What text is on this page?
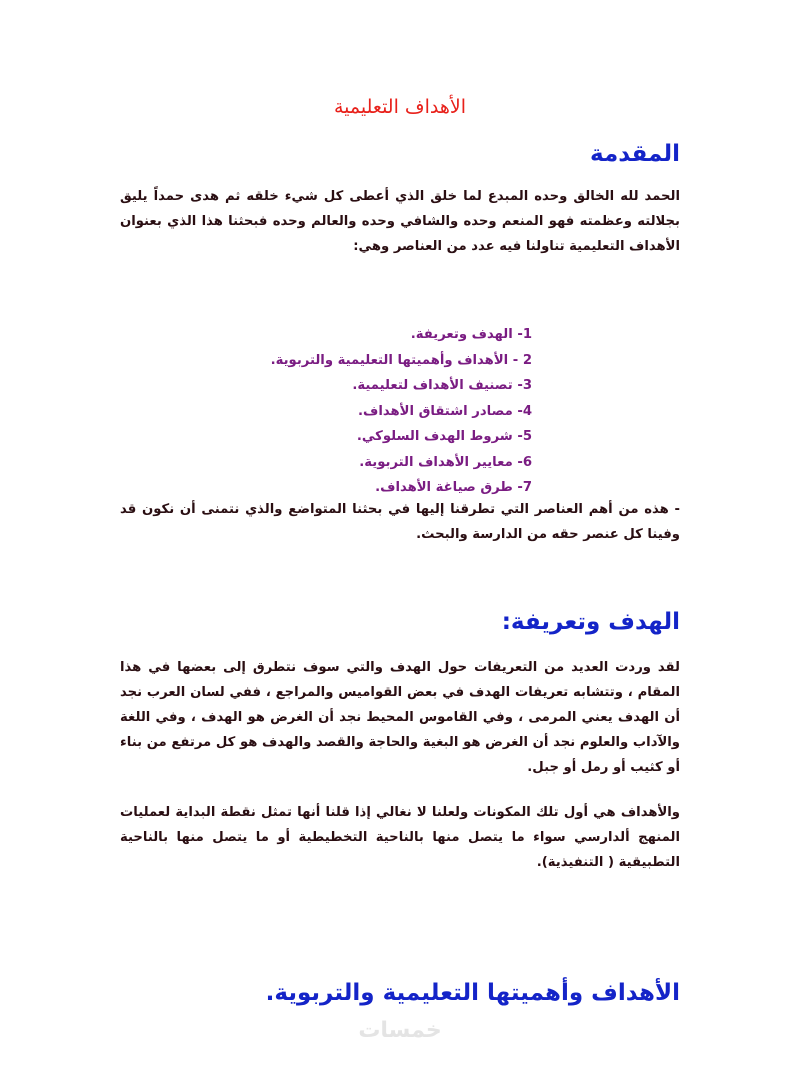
الأهداف التعليمية
المقدمة

الحمد لله الخالق وحده المبدع لما خلق الذي أعطى كل شيء خلقه ثم هدى حمداً يليق بجلالته وعظمته فهو المنعم وحده والشافي وحده والعالم وحده فبحثنا هذا الذي بعنوان الأهداف التعليمية تناولنا فيه عدد من العناصر وهي:

1- الهدف وتعريفة.
2 - الأهداف وأهميتها التعليمية والتربوية.
3- تصنيف الأهداف لتعليمية.
4- مصادر اشتقاق الأهداف.
5- شروط الهدف السلوكي.
6- معايير الأهداف التربوية.
7- طرق صياغة الأهداف.

- هذه من أهم العناصر التي تطرقنا إليها في بحثنا المتواضع والذي نتمنى أن نكون قد وفينا كل عنصر حقه من الدارسة والبحث.

الهدف وتعريفة:

لقد وردت العديد من التعريفات حول الهدف والتي سوف نتطرق إلى بعضها في هذا المقام ، وتتشابه تعريفات الهدف في بعض القواميس والمراجع ، ففي لسان العرب نجد أن الهدف يعني المرمى ، وفي القاموس المحيط نجد أن الغرض هو الهدف ، وفي اللغة والآداب والعلوم نجد أن الغرض هو البغية والحاجة والقصد والهدف هو كل مرتفع من بناء أو كثيب أو رمل أو جبل.

والأهداف هي أول تلك المكونات ولعلنا لا نغالي إذا قلنا أنها تمثل نقطة البداية لعمليات المنهج ألدارسي سواء ما يتصل منها بالناحية التخطيطية أو ما يتصل منها بالناحية التطبيقية ( التنفيذية).

الأهداف وأهميتها التعليمية والتربوية.
خمسات
